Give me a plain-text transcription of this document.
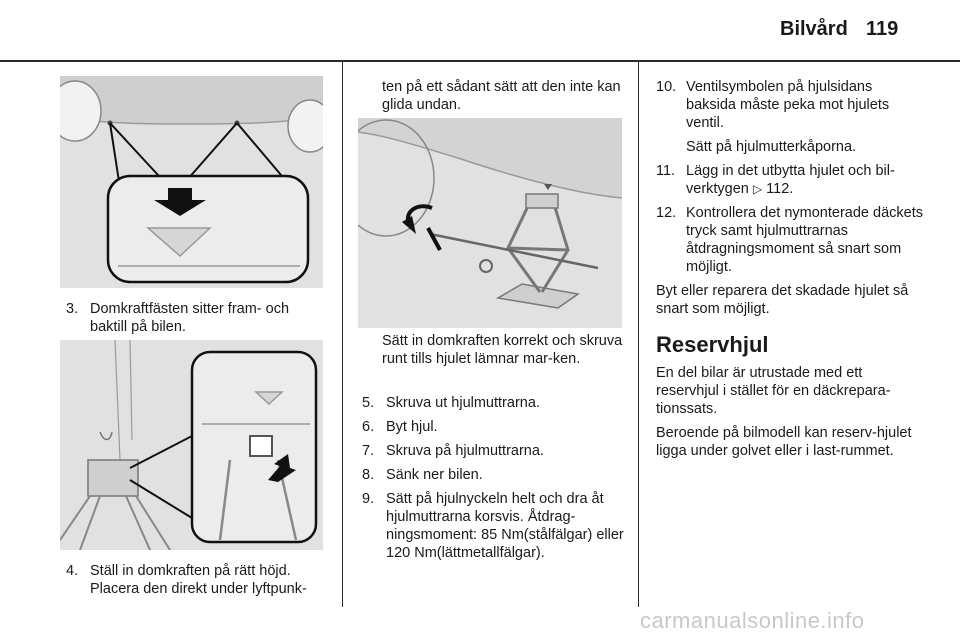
Bilvård 119
3. Domkraftfästen sitter fram- och baktill på bilen.
4. Ställ in domkraften på rätt höjd. Placera den direkt under lyftpunk-

ten på ett sådant sätt att den inte kan glida undan.

Sätt in domkraften korrekt och skruva runt tills hjulet lämnar mar-ken.

5. Skruva ut hjulmuttrarna.
6. Byt hjul.
7. Skruva på hjulmuttrarna.
8. Sänk ner bilen.
9. Sätt på hjulnyckeln helt och dra åt hjulmuttrarna korsvis. Åtdrag-ningsmoment: 85 Nm(stålfälgar) eller 120 Nm(lättmetallfälgar).
10. Ventilsymbolen på hjulsidans baksida måste peka mot hjulets ventil.

Sätt på hjulmutterkåporna.

11. Lägg in det utbytta hjulet och bil-verktygen ▷ 112.
12. Kontrollera det nymonterade däckets tryck samt hjulmuttrarnas åtdragningsmoment så snart som möjligt.

Byt eller reparera det skadade hjulet så snart som möjligt.

Reservhjul

En del bilar är utrustade med ett reservhjul i stället för en däckrepara-tionssats.

Beroende på bilmodell kan reserv-hjulet ligga under golvet eller i last-rummet.

carmanualsonline.info
